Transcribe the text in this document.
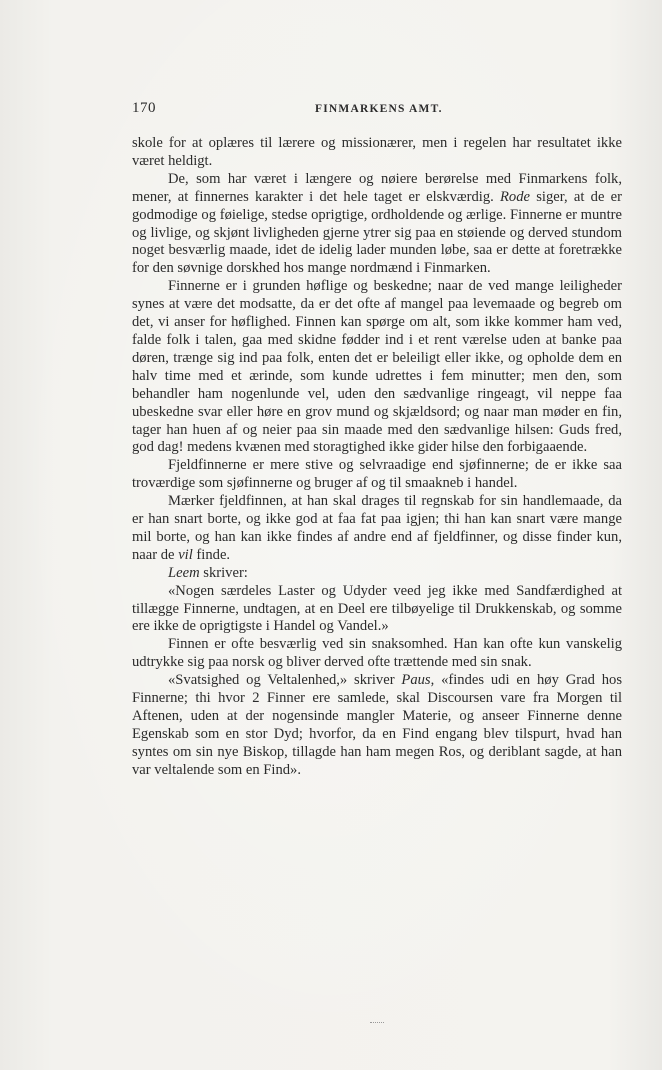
170	FINMARKENS AMT.

skole for at oplæres til lærere og missionærer, men i regelen har resultatet ikke været heldigt.

De, som har været i længere og nøiere berørelse med Finmarkens folk, mener, at finnernes karakter i det hele taget er elskværdig. Rode siger, at de er godmodige og føielige, stedse oprigtige, ordholdende og ærlige. Finnerne er muntre og livlige, og skjønt livligheden gjerne ytrer sig paa en støiende og derved stundom noget besværlig maade, idet de idelig lader munden løbe, saa er dette at foretrække for den søvnige dorskhed hos mange nordmænd i Finmarken.

Finnerne er i grunden høflige og beskedne; naar de ved mange leiligheder synes at være det modsatte, da er det ofte af mangel paa levemaade og begreb om det, vi anser for høflighed. Finnen kan spørge om alt, som ikke kommer ham ved, falde folk i talen, gaa med skidne fødder ind i et rent værelse uden at banke paa døren, trænge sig ind paa folk, enten det er beleiligt eller ikke, og opholde dem en halv time med et ærinde, som kunde udrettes i fem minutter; men den, som behandler ham nogenlunde vel, uden den sædvanlige ringeagt, vil neppe faa ubeskedne svar eller høre en grov mund og skjældsord; og naar man møder en fin, tager han huen af og neier paa sin maade med den sædvanlige hilsen: Guds fred, god dag! medens kvænen med storagtighed ikke gider hilse den forbigaaende.

Fjeldfinnerne er mere stive og selvraadige end sjøfinnerne; de er ikke saa troværdige som sjøfinnerne og bruger af og til smaakneb i handel.

Mærker fjeldfinnen, at han skal drages til regnskab for sin handlemaade, da er han snart borte, og ikke god at faa fat paa igjen; thi han kan snart være mange mil borte, og han kan ikke findes af andre end af fjeldfinner, og disse finder kun, naar de vil finde.

Leem skriver:

«Nogen særdeles Laster og Udyder veed jeg ikke med Sandfærdighed at tillægge Finnerne, undtagen, at en Deel ere tilbøyelige til Drukkenskab, og somme ere ikke de oprigtigste i Handel og Vandel.»

Finnen er ofte besværlig ved sin snaksomhed. Han kan ofte kun vanskelig udtrykke sig paa norsk og bliver derved ofte trættende med sin snak.

«Svatsighed og Veltalenhed,» skriver Paus, «findes udi en høy Grad hos Finnerne; thi hvor 2 Finner ere samlede, skal Discoursen vare fra Morgen til Aftenen, uden at der nogensinde mangler Materie, og anseer Finnerne denne Egenskab som en stor Dyd; hvorfor, da en Find engang blev tilspurt, hvad han syntes om sin nye Biskop, tillagde han ham megen Ros, og deriblant sagde, at han var veltalende som en Find».
